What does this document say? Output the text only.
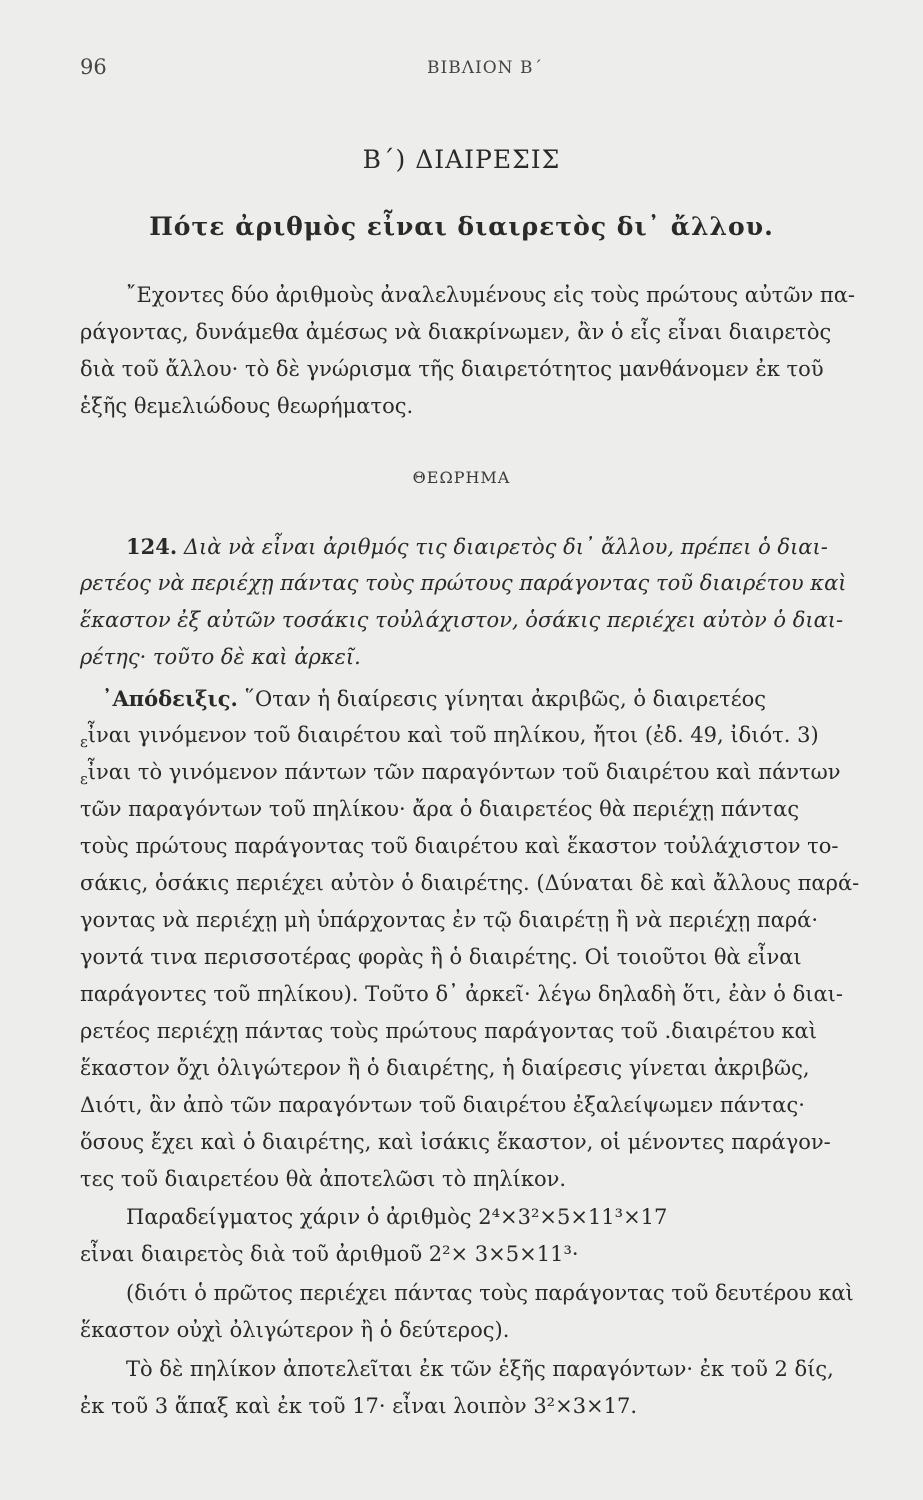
96	ΒΙΒΛΙΟΝ Β΄
Β΄) ΔΙΑΙΡΕΣΙΣ
Πότε ἀριθμὸς εἶναι διαιρετὸς δι᾿ ἄλλου.
῎Εχοντες δύο ἀριθμοὺς ἀναλελυμένους εἰς τοὺς πρώτους αὐτῶν πα-
ράγοντας, δυνάμεθα ἀμέσως νὰ διακρίνωμεν, ἂν ὁ εἷς εἶναι διαιρετὸς
διὰ τοῦ ἄλλου· τὸ δὲ γνώρισμα τῆς διαιρετότητος μανθάνομεν ἐκ τοῦ
ἑξῆς θεμελιώδους θεωρήματος.
ΘΕΩΡΗΜΑ
124. Διὰ νὰ εἶναι ἀριθμός τις διαιρετὸς δι᾿ ἄλλου, πρέπει ὁ διαι-
ρετέος νὰ περιέχῃ πάντας τοὺς πρώτους παράγοντας τοῦ διαιρέτου καὶ
ἕκαστον ἐξ αὐτῶν τοσάκις τοὐλάχιστον, ὁσάκις περιέχει αὐτὸν ὁ διαι-
ρέτης· τοῦτο δὲ καὶ ἀρκεῖ.
᾿Απόδειξις. ῞Οταν ἡ διαίρεσις γίνηται ἀκριβῶς, ὁ διαιρετέος
$_\varepsilon$ἶναι γινόμενον τοῦ διαιρέτου καὶ τοῦ πηλίκου, ἤτοι (ἐδ. 49, ἰδιότ. 3)
$_\varepsilon$ἶναι τὸ γινόμενον πάντων τῶν παραγόντων τοῦ διαιρέτου καὶ πάντων
τῶν παραγόντων τοῦ πηλίκου· ἄρα ὁ διαιρετέος θὰ περιέχῃ πάντας
τοὺς πρώτους παράγοντας τοῦ διαιρέτου καὶ ἕκαστον τοὐλάχιστον το-
σάκις, ὁσάκις περιέχει αὐτὸν ὁ διαιρέτης. (Δύναται δὲ καὶ ἄλλους παρά-
γοντας νὰ περιέχῃ μὴ ὑπάρχοντας ἐν τῷ διαιρέτῃ ἢ νὰ περιέχῃ παρά·
γοντά τινα περισσοτέρας φορὰς ἢ ὁ διαιρέτης. Οἱ τοιοῦτοι θὰ εἶναι
παράγοντες τοῦ πηλίκου). Τοῦτο δ᾿ ἀρκεῖ· λέγω δηλαδὴ ὅτι, ἐὰν ὁ διαι-
ρετέος περιέχῃ πάντας τοὺς πρώτους παράγοντας τοῦ .διαιρέτου καὶ
ἕκαστον ὄχι ὀλιγώτερον ἢ ὁ διαιρέτης, ἡ διαίρεσις γίνεται ἀκριβῶς,
Διότι, ἂν ἀπὸ τῶν παραγόντων τοῦ διαιρέτου ἐξαλείψωμεν πάντας·
ὅσους ἔχει καὶ ὁ διαιρέτης, καὶ ἰσάκις ἕκαστον, οἱ μένοντες παράγον-
τες τοῦ διαιρετέου θὰ ἀποτελῶσι τὸ πηλίκον.
Παραδείγματος χάριν ὁ ἀριθμὸς 2⁴×3²×5×11³×17
εἶναι διαιρετὸς διὰ τοῦ ἀριθμοῦ 2²× 3×5×11³·
(διότι ὁ πρῶτος περιέχει πάντας τοὺς παράγοντας τοῦ δευτέρου καὶ
ἕκαστον οὐχὶ ὀλιγώτερον ἢ ὁ δεύτερος).
Τὸ δὲ πηλίκον ἀποτελεῖται ἐκ τῶν ἑξῆς παραγόντων· ἐκ τοῦ 2 δίς,
ἐκ τοῦ 3 ἅπαξ καὶ ἐκ τοῦ 17· εἶναι λοιπὸν 3²×3×17.
